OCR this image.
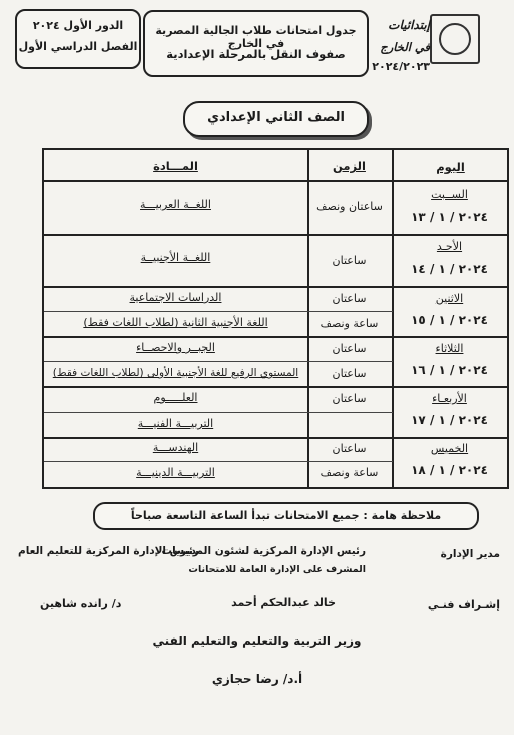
إبتدائيات
في الخارج
٢٠٢٤/٢٠٢٣
جدول امتحانات طلاب الجالية المصرية في الخارج
صفوف النقل بالمرحلة الإعدادية
الدور الأول ٢٠٢٤
الفصل الدراسي الأول
الصف الثاني الإعدادي
اليوم
الزمن
المـــادة
الســبت
٢٠٢٤ / ١ / ١٣
ساعتان ونصف
اللغــة العربيـــة
الأحـد
٢٠٢٤ / ١ / ١٤
ساعتان
اللغــة الأجنبيــة
الاثنين
٢٠٢٤ / ١ / ١٥
ساعتان
الدراسات الاجتماعية
ساعة ونصف
اللغة الأجنبية الثانية (لطلاب اللغات فقط)
الثلاثاء
٢٠٢٤ / ١ / ١٦
ساعتان
الجبــر والاحصــاء
ساعتان
المستوي الرفيع للغة الأجنبية الأولى (لطلاب اللغات فقط)
الأربعـاء
٢٠٢٤ / ١ / ١٧
ساعتان
العلـــــوم
التربيـــة الفنيـــة
الخميس
٢٠٢٤ / ١ / ١٨
ساعتان
الهندســـة
ساعة ونصف
التربيـــة الدينيـــة
ملاحظة هامة : جميع الامتحانات تبدأ الساعة التاسعة صباحاً
مدير الإدارة
رئيس الإدارة المركزية لشئون المديريات
المشرف على الإدارة العامة للامتحانات
رئيس الإدارة المركزية للتعليم العام
إشـراف فنـي
خالد عبدالحكم أحمد
د/ رانده شاهين
وزير التربية والتعليم والتعليم الفني
أ.د/ رضا حجازي
